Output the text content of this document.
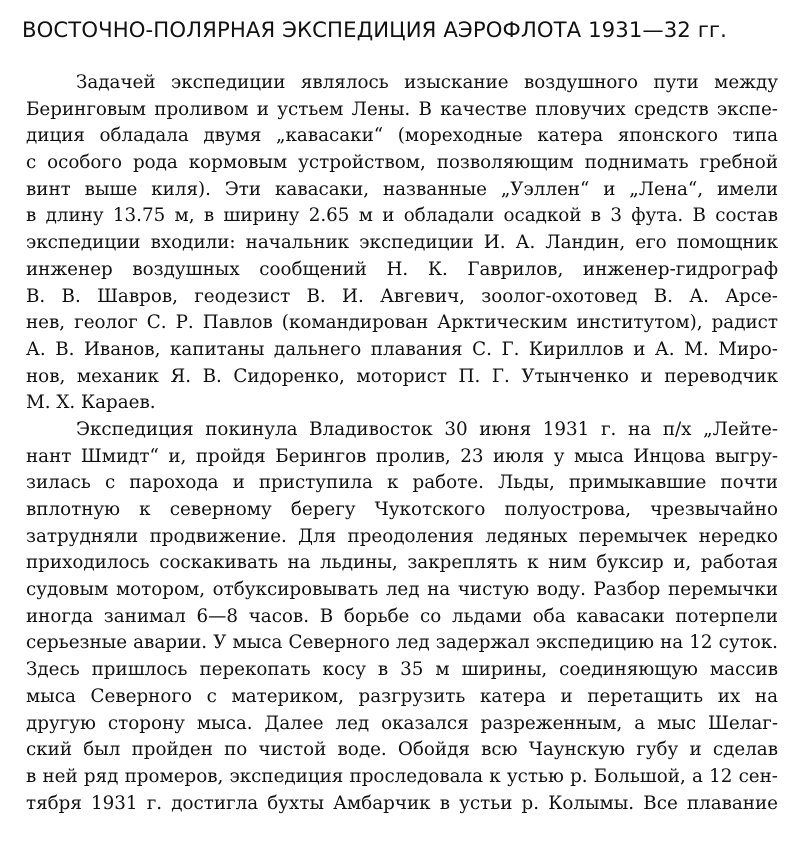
ВОСТОЧНО-ПОЛЯРНАЯ ЭКСПЕДИЦИЯ АЭРОФЛОТА 1931—32 гг.
Задачей экспедиции являлось изыскание воздушного пути между
Беринговым проливом и устьем Лены. В качестве пловучих средств экспе-
диция обладала двумя „кавасаки“ (мореходные катера японского типа
с особого рода кормовым устройством, позволяющим поднимать гребной
винт выше киля). Эти кавасаки, названные „Уэллен“ и „Лена“, имели
в длину 13.75 м, в ширину 2.65 м и обладали осадкой в 3 фута. В состав
экспедиции входили: начальник экспедиции И. А. Ландин, его помощник
инженер воздушных сообщений Н. К. Гаврилов, инженер-гидрограф
В. В. Шавров, геодезист В. И. Авгевич, зоолог-охотовед В. А. Арсе-
нев, геолог С. Р. Павлов (командирован Арктическим институтом), радист
А. В. Иванов, капитаны дальнего плавания С. Г. Кириллов и А. М. Миро-
нов, механик Я. В. Сидоренко, моторист П. Г. Утынченко и переводчик
М. Х. Караев.
Экспедиция покинула Владивосток 30 июня 1931 г. на п/х „Лейте-
нант Шмидт“ и, пройдя Берингов пролив, 23 июля у мыса Инцова выгру-
зилась с парохода и приступила к работе. Льды, примыкавшие почти
вплотную к северному берегу Чукотского полуострова, чрезвычайно
затрудняли продвижение. Для преодоления ледяных перемычек нередко
приходилось соскакивать на льдины, закреплять к ним буксир и, работая
судовым мотором, отбуксировывать лед на чистую воду. Разбор перемычки
иногда занимал 6—8 часов. В борьбе со льдами оба кавасаки потерпели
серьезные аварии. У мыса Северного лед задержал экспедицию на 12 суток.
Здесь пришлось перекопать косу в 35 м ширины, соединяющую массив
мыса Северного с материком, разгрузить катера и перетащить их на
другую сторону мыса. Далее лед оказался разреженным, а мыс Шелаг-
ский был пройден по чистой воде. Обойдя всю Чаунскую губу и сделав
в ней ряд промеров, экспедиция проследовала к устью р. Большой, а 12 сен-
тября 1931 г. достигла бухты Амбарчик в устьи р. Колымы. Все плавание
